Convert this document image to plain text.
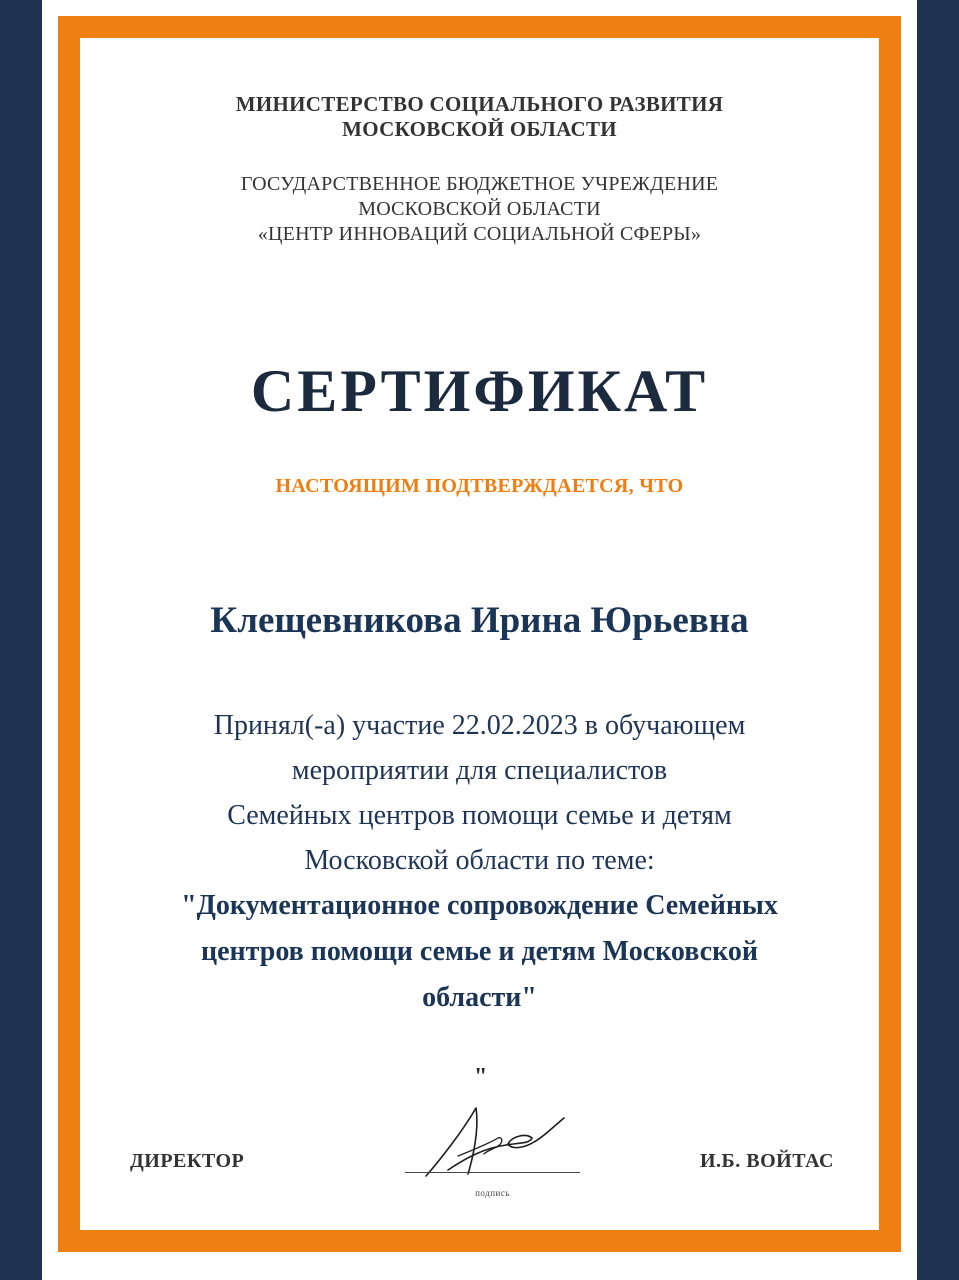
МИНИСТЕРСТВО СОЦИАЛЬНОГО РАЗВИТИЯ
МОСКОВСКОЙ ОБЛАСТИ
ГОСУДАРСТВЕННОЕ БЮДЖЕТНОЕ УЧРЕЖДЕНИЕ
МОСКОВСКОЙ ОБЛАСТИ
«ЦЕНТР ИННОВАЦИЙ СОЦИАЛЬНОЙ СФЕРЫ»
СЕРТИФИКАТ

НАСТОЯЩИМ ПОДТВЕРЖДАЕТСЯ, ЧТО

Клещевникова Ирина Юрьевна

Принял(-а) участие 22.02.2023 в обучающем
мероприятии для специалистов
Семейных центров помощи семье и детям
Московской области по теме:
"Документационное сопровождение Семейных
центров помощи семье и детям Московской
области"

"

ДИРЕКТОР

подпись

И.Б. ВОЙТАС
